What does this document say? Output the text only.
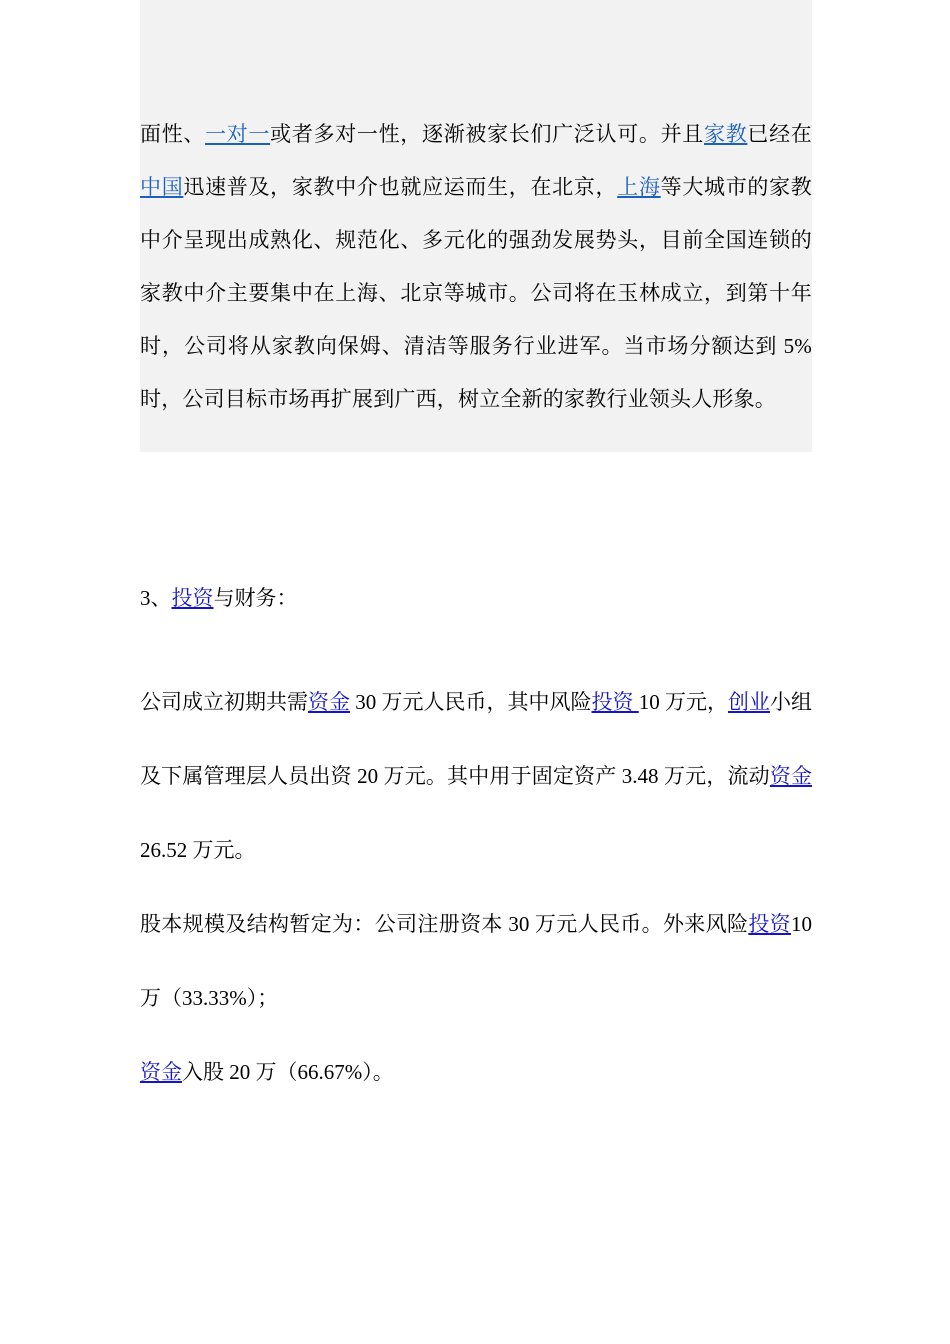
面性、一对一或者多对一性，逐渐被家长们广泛认可。并且家教已经在中国迅速普及，家教中介也就应运而生，在北京，上海等大城市的家教中介呈现出成熟化、规范化、多元化的强劲发展势头，目前全国连锁的家教中介主要集中在上海、北京等城市。公司将在玉林成立，到第十年时，公司将从家教向保姆、清洁等服务行业进军。当市场分额达到 5%时，公司目标市场再扩展到广西，树立全新的家教行业领头人形象。

3、投资与财务：

公司成立初期共需资金 30 万元人民币，其中风险投资 10 万元，创业小组及下属管理层人员出资 20 万元。其中用于固定资产 3.48 万元，流动资金 26.52 万元。

股本规模及结构暂定为：公司注册资本 30 万元人民币。外来风险投资10 万（33.33%）；

资金入股 20 万（66.67%）。
